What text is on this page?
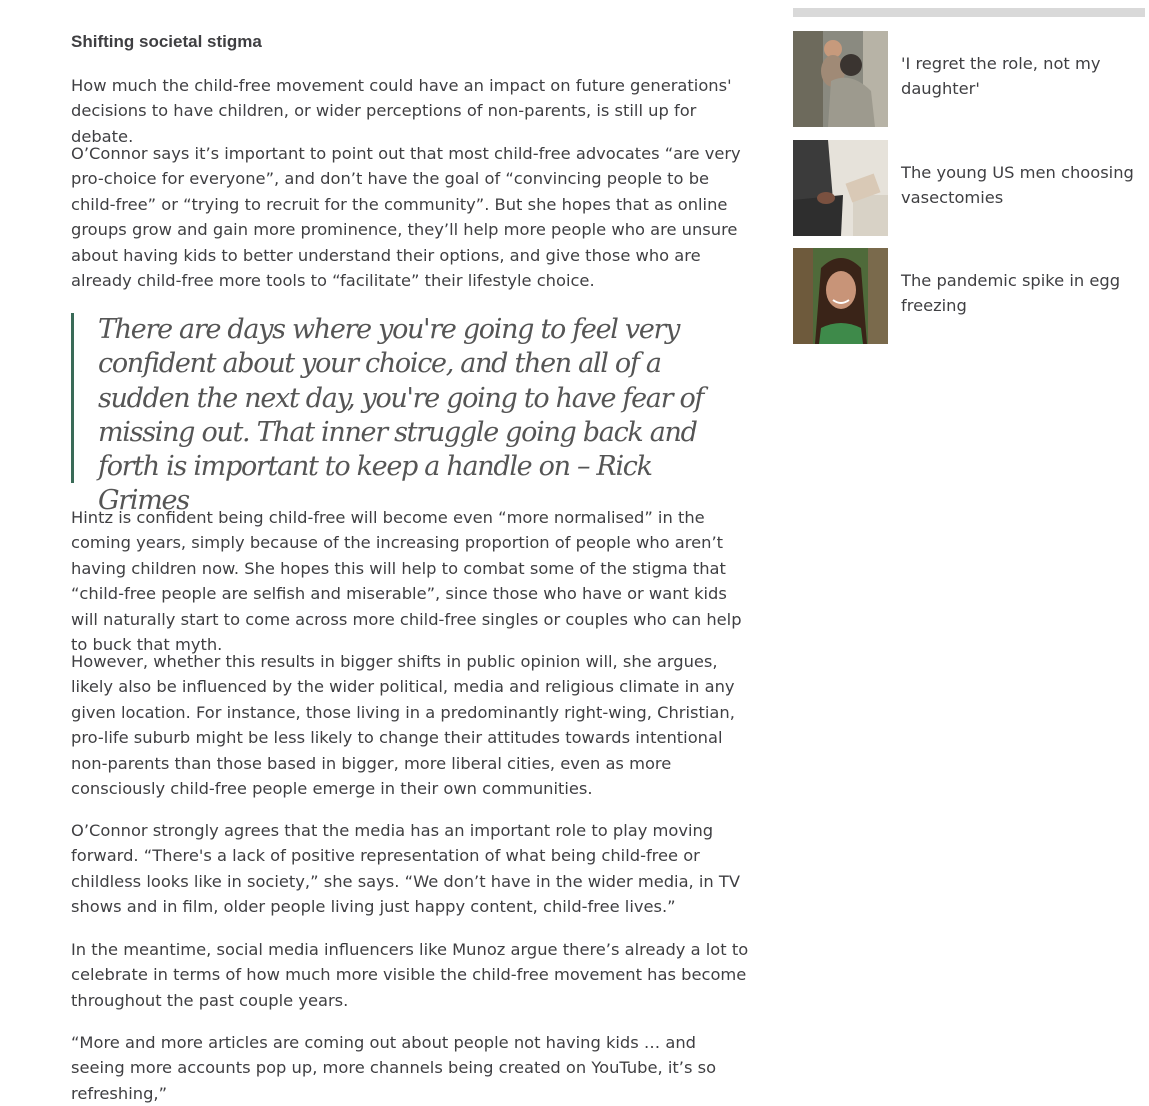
Shifting societal stigma

How much the child-free movement could have an impact on future generations' decisions to have children, or wider perceptions of non-parents, is still up for debate.

O’Connor says it’s important to point out that most child-free advocates “are very pro-choice for everyone”, and don’t have the goal of “convincing people to be child-free” or “trying to recruit for the community”. But she hopes that as online groups grow and gain more prominence, they’ll help more people who are unsure about having kids to better understand their options, and give those who are already child-free more tools to “facilitate” their lifestyle choice.

There are days where you're going to feel very confident about your choice, and then all of a sudden the next day, you're going to have fear of missing out. That inner struggle going back and forth is important to keep a handle on – Rick Grimes

Hintz is confident being child-free will become even “more normalised” in the coming years, simply because of the increasing proportion of people who aren’t having children now. She hopes this will help to combat some of the stigma that “child-free people are selfish and miserable”, since those who have or want kids will naturally start to come across more child-free singles or couples who can help to buck that myth.

However, whether this results in bigger shifts in public opinion will, she argues, likely also be influenced by the wider political, media and religious climate in any given location. For instance, those living in a predominantly right-wing, Christian, pro-life suburb might be less likely to change their attitudes towards intentional non-parents than those based in bigger, more liberal cities, even as more consciously child-free people emerge in their own communities.

O’Connor strongly agrees that the media has an important role to play moving forward. “There's a lack of positive representation of what being child-free or childless looks like in society,” she says. “We don’t have in the wider media, in TV shows and in film, older people living just happy content, child-free lives.”

In the meantime, social media influencers like Munoz argue there’s already a lot to celebrate in terms of how much more visible the child-free movement has become throughout the past couple years.

“More and more articles are coming out about people not having kids … and seeing more accounts pop up, more channels being created on YouTube, it’s so refreshing,”

'I regret the role, not my daughter'

The young US men choosing vasectomies

The pandemic spike in egg freezing
